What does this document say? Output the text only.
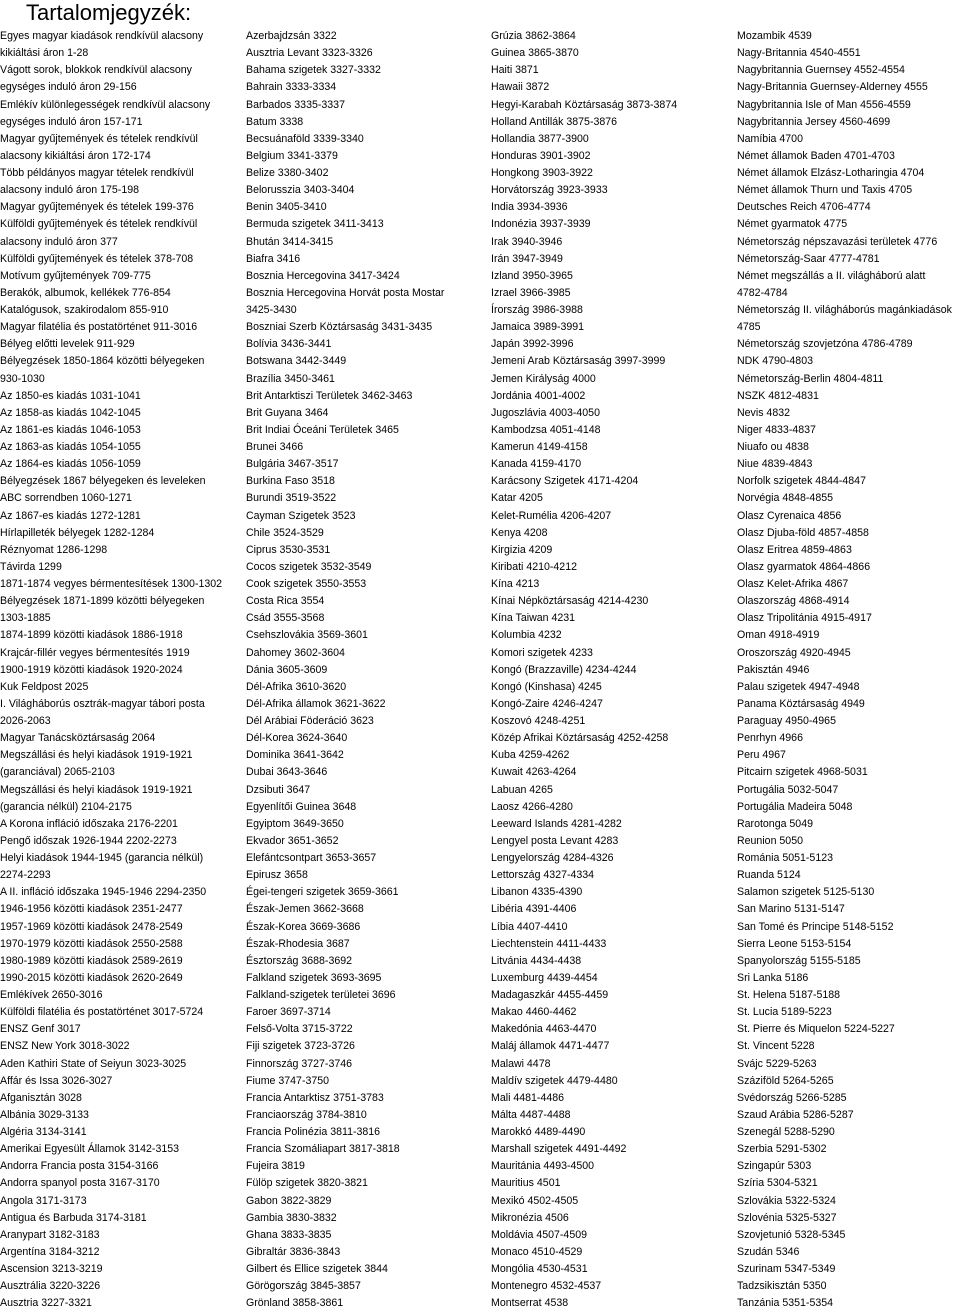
Tartalomjegyzék:
Egyes magyar kiadások rendkívül alacsony
kikiáltási áron 1-28
Vágott sorok, blokkok rendkívül alacsony
egységes induló áron 29-156
Emlékív különlegességek rendkívül alacsony
egységes induló áron 157-171
Magyar gyűjtemények és tételek rendkívül
alacsony kikiáltási áron 172-174
Több példányos magyar tételek rendkívül
alacsony induló áron 175-198
Magyar gyűjtemények és tételek 199-376
Külföldi gyűjtemények és tételek rendkívül
alacsony induló áron 377
Külföldi gyűjtemények és tételek 378-708
Motívum gyűjtemények 709-775
Berakók, albumok, kellékek 776-854
Katalógusok, szakirodalom 855-910
Magyar filatélia és postatörténet 911-3016
Bélyeg előtti levelek 911-929
Bélyegzések 1850-1864 közötti bélyegeken
930-1030
Az 1850-es kiadás 1031-1041
Az 1858-as kiadás 1042-1045
Az 1861-es kiadás 1046-1053
Az 1863-as kiadás 1054-1055
Az 1864-es kiadás 1056-1059
Bélyegzések 1867 bélyegeken és leveleken
ABC sorrendben 1060-1271
Az 1867-es kiadás 1272-1281
Hírlapilleték bélyegek 1282-1284
Réznyomat 1286-1298
Távirda 1299
1871-1874 vegyes bérmentesítések 1300-1302
Bélyegzések 1871-1899 közötti bélyegeken
1303-1885
1874-1899 közötti kiadások 1886-1918
Krajcár-fillér vegyes bérmentesítés 1919
1900-1919 közötti kiadások 1920-2024
Kuk Feldpost 2025
I. Világháborús osztrák-magyar tábori posta
2026-2063
Magyar Tanácsköztársaság 2064
Megszállási és helyi kiadások 1919-1921
(garanciával) 2065-2103
Megszállási és helyi kiadások 1919-1921
(garancia nélkül) 2104-2175
A Korona infláció időszaka 2176-2201
Pengő időszak 1926-1944 2202-2273
Helyi kiadások 1944-1945 (garancia nélkül)
2274-2293
A II. infláció időszaka 1945-1946 2294-2350
1946-1956 közötti kiadások 2351-2477
1957-1969 közötti kiadások 2478-2549
1970-1979 közötti kiadások 2550-2588
1980-1989 közötti kiadások 2589-2619
1990-2015 közötti kiadások 2620-2649
Emlékívek 2650-3016
Külföldi filatélia és postatörténet 3017-5724
ENSZ Genf 3017
ENSZ New York 3018-3022
Aden Kathiri State of Seiyun 3023-3025
Affár és Issa 3026-3027
Afganisztán 3028
Albánia 3029-3133
Algéria 3134-3141
Amerikai Egyesült Államok 3142-3153
Andorra Francia posta 3154-3166
Andorra spanyol posta 3167-3170
Angola 3171-3173
Antigua és Barbuda 3174-3181
Aranypart 3182-3183
Argentína 3184-3212
Ascension 3213-3219
Ausztrália 3220-3226
Ausztria 3227-3321
Azerbajdzsán 3322
Ausztria Levant 3323-3326
Bahama szigetek 3327-3332
Bahrain 3333-3334
Barbados 3335-3337
Batum 3338
Becsuánaföld 3339-3340
Belgium 3341-3379
Belize 3380-3402
Belorusszia 3403-3404
Benin 3405-3410
Bermuda szigetek 3411-3413
Bhután 3414-3415
Biafra 3416
Bosznia Hercegovina 3417-3424
Bosznia Hercegovina Horvát posta Mostar
3425-3430
Boszniai Szerb Köztársaság 3431-3435
Bolívia 3436-3441
Botswana 3442-3449
Brazília 3450-3461
Brit Antarktiszi Területek 3462-3463
Brit Guyana 3464
Brit Indiai Óceáni Területek 3465
Brunei 3466
Bulgária 3467-3517
Burkina Faso 3518
Burundi 3519-3522
Cayman Szigetek 3523
Chile 3524-3529
Ciprus 3530-3531
Cocos szigetek 3532-3549
Cook szigetek 3550-3553
Costa Rica 3554
Csád 3555-3568
Csehszlovákia 3569-3601
Dahomey 3602-3604
Dánia 3605-3609
Dél-Afrika 3610-3620
Dél-Afrika államok 3621-3622
Dél Arábiai Föderáció 3623
Dél-Korea 3624-3640
Dominika 3641-3642
Dubai 3643-3646
Dzsibuti 3647
Egyenlítői Guinea 3648
Egyiptom 3649-3650
Ekvador 3651-3652
Elefántcsontpart 3653-3657
Epirusz 3658
Égei-tengeri szigetek 3659-3661
Észak-Jemen 3662-3668
Észak-Korea 3669-3686
Észak-Rhodesia 3687
Észtország 3688-3692
Falkland szigetek 3693-3695
Falkland-szigetek területei 3696
Faroer 3697-3714
Felső-Volta 3715-3722
Fiji szigetek 3723-3726
Finnország 3727-3746
Fiume 3747-3750
Francia Antarktisz 3751-3783
Franciaország 3784-3810
Francia Polinézia 3811-3816
Francia Szomáliapart 3817-3818
Fujeira 3819
Fülöp szigetek 3820-3821
Gabon 3822-3829
Gambia 3830-3832
Ghana 3833-3835
Gibraltár 3836-3843
Gilbert és Ellice szigetek 3844
Görögország 3845-3857
Grönland 3858-3861
Grúzia 3862-3864
Guinea 3865-3870
Haiti 3871
Hawaii 3872
Hegyi-Karabah Köztársaság 3873-3874
Holland Antillák 3875-3876
Hollandia 3877-3900
Honduras 3901-3902
Hongkong 3903-3922
Horvátország 3923-3933
India 3934-3936
Indonézia 3937-3939
Irak 3940-3946
Irán 3947-3949
Izland 3950-3965
Izrael 3966-3985
Írország 3986-3988
Jamaica 3989-3991
Japán 3992-3996
Jemeni Arab Köztársaság 3997-3999
Jemen Királyság 4000
Jordánia 4001-4002
Jugoszlávia 4003-4050
Kambodzsa 4051-4148
Kamerun 4149-4158
Kanada 4159-4170
Karácsony Szigetek 4171-4204
Katar 4205
Kelet-Rumélia 4206-4207
Kenya 4208
Kirgizia 4209
Kiribati 4210-4212
Kína 4213
Kínai Népköztársaság 4214-4230
Kína Taiwan 4231
Kolumbia 4232
Komori szigetek 4233
Kongó (Brazzaville) 4234-4244
Kongó (Kinshasa) 4245
Kongó-Zaire 4246-4247
Koszovó 4248-4251
Közép Afrikai Köztársaság 4252-4258
Kuba 4259-4262
Kuwait 4263-4264
Labuan 4265
Laosz 4266-4280
Leeward Islands 4281-4282
Lengyel posta Levant 4283
Lengyelország 4284-4326
Lettország 4327-4334
Libanon 4335-4390
Libéria 4391-4406
Líbia 4407-4410
Liechtenstein 4411-4433
Litvánia 4434-4438
Luxemburg 4439-4454
Madagaszkár 4455-4459
Makao 4460-4462
Makedónia 4463-4470
Maláj államok 4471-4477
Malawi 4478
Maldív szigetek 4479-4480
Mali 4481-4486
Málta 4487-4488
Marokkó 4489-4490
Marshall szigetek 4491-4492
Mauritánia 4493-4500
Mauritius 4501
Mexikó 4502-4505
Mikronézia 4506
Moldávia 4507-4509
Monaco 4510-4529
Mongólia 4530-4531
Montenegro 4532-4537
Montserrat 4538
Mozambik 4539
Nagy-Britannia 4540-4551
Nagybritannia Guernsey 4552-4554
Nagy-Britannia Guernsey-Alderney 4555
Nagybritannia Isle of Man 4556-4559
Nagybritannia Jersey 4560-4699
Namíbia 4700
Német államok Baden 4701-4703
Német államok Elzász-Lotharingia 4704
Német államok Thurn und Taxis 4705
Deutsches Reich 4706-4774
Német gyarmatok 4775
Németország népszavazási területek 4776
Németország-Saar 4777-4781
Német megszállás a II. világháború alatt
4782-4784
Németország II. világháborús magánkiadások
4785
Németország szovjetzóna 4786-4789
NDK 4790-4803
Németország-Berlin 4804-4811
NSZK 4812-4831
Nevis 4832
Niger 4833-4837
Niuafo ou 4838
Niue 4839-4843
Norfolk szigetek 4844-4847
Norvégia 4848-4855
Olasz Cyrenaica 4856
Olasz Djuba-föld 4857-4858
Olasz Eritrea 4859-4863
Olasz gyarmatok 4864-4866
Olasz Kelet-Afrika 4867
Olaszország 4868-4914
Olasz Tripolitánia 4915-4917
Oman 4918-4919
Oroszország 4920-4945
Pakisztán 4946
Palau szigetek 4947-4948
Panama Köztársaság 4949
Paraguay 4950-4965
Penrhyn 4966
Peru 4967
Pitcairn szigetek 4968-5031
Portugália 5032-5047
Portugália Madeira 5048
Rarotonga 5049
Reunion 5050
Románia 5051-5123
Ruanda 5124
Salamon szigetek 5125-5130
San Marino 5131-5147
San Tomé és Principe 5148-5152
Sierra Leone 5153-5154
Spanyolország 5155-5185
Sri Lanka 5186
St. Helena 5187-5188
St. Lucia 5189-5223
St. Pierre és Miquelon 5224-5227
St. Vincent 5228
Svájc 5229-5263
Száziföld 5264-5265
Svédország 5266-5285
Szaud Arábia 5286-5287
Szenegál 5288-5290
Szerbia 5291-5302
Szingapúr 5303
Szíria 5304-5321
Szlovákia 5322-5324
Szlovénia 5325-5327
Szovjetunió 5328-5345
Szudán 5346
Szurinam 5347-5349
Tadzsikisztán 5350
Tanzánia 5351-5354
